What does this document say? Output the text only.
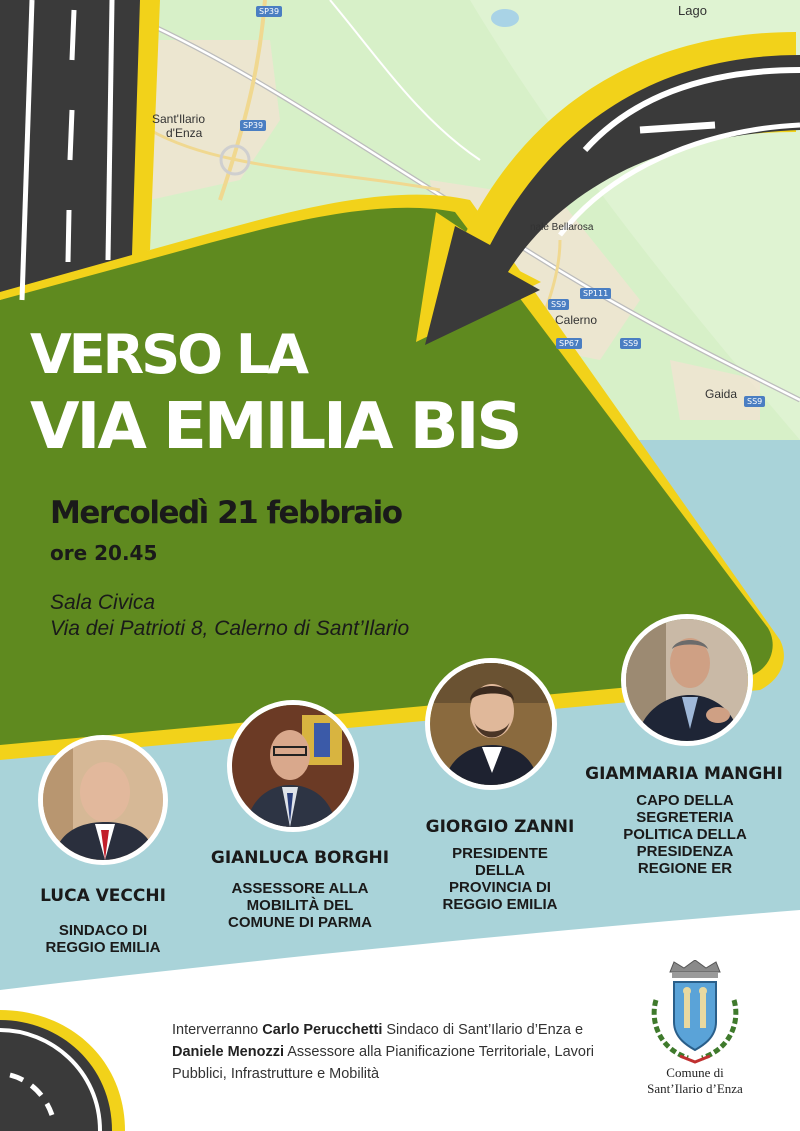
Lago
Sant'Ilario
d'Enza
Calerno
Gaida
nale Bellarosa
SP39
SP39
SP111
SS9
SP67	SS9
SS9
VERSO LA
VIA EMILIA BIS
Mercoledì 21 febbraio
ore 20.45
Sala Civica
Via dei Patrioti 8, Calerno di Sant’Ilario
LUCA VECCHI
SINDACO DI
REGGIO EMILIA
GIANLUCA BORGHI
ASSESSORE ALLA
MOBILITÀ DEL
COMUNE DI PARMA
GIORGIO ZANNI
PRESIDENTE
DELLA
PROVINCIA DI
REGGIO EMILIA
GIAMMARIA MANGHI
CAPO DELLA
SEGRETERIA
POLITICA DELLA
PRESIDENZA
REGIONE ER
Interverranno Carlo Perucchetti Sindaco di Sant’Ilario d’Enza e Daniele Menozzi Assessore alla Pianificazione Territoriale, Lavori Pubblici, Infrastrutture e Mobilità	Comune di
Sant’Ilario d’Enza
